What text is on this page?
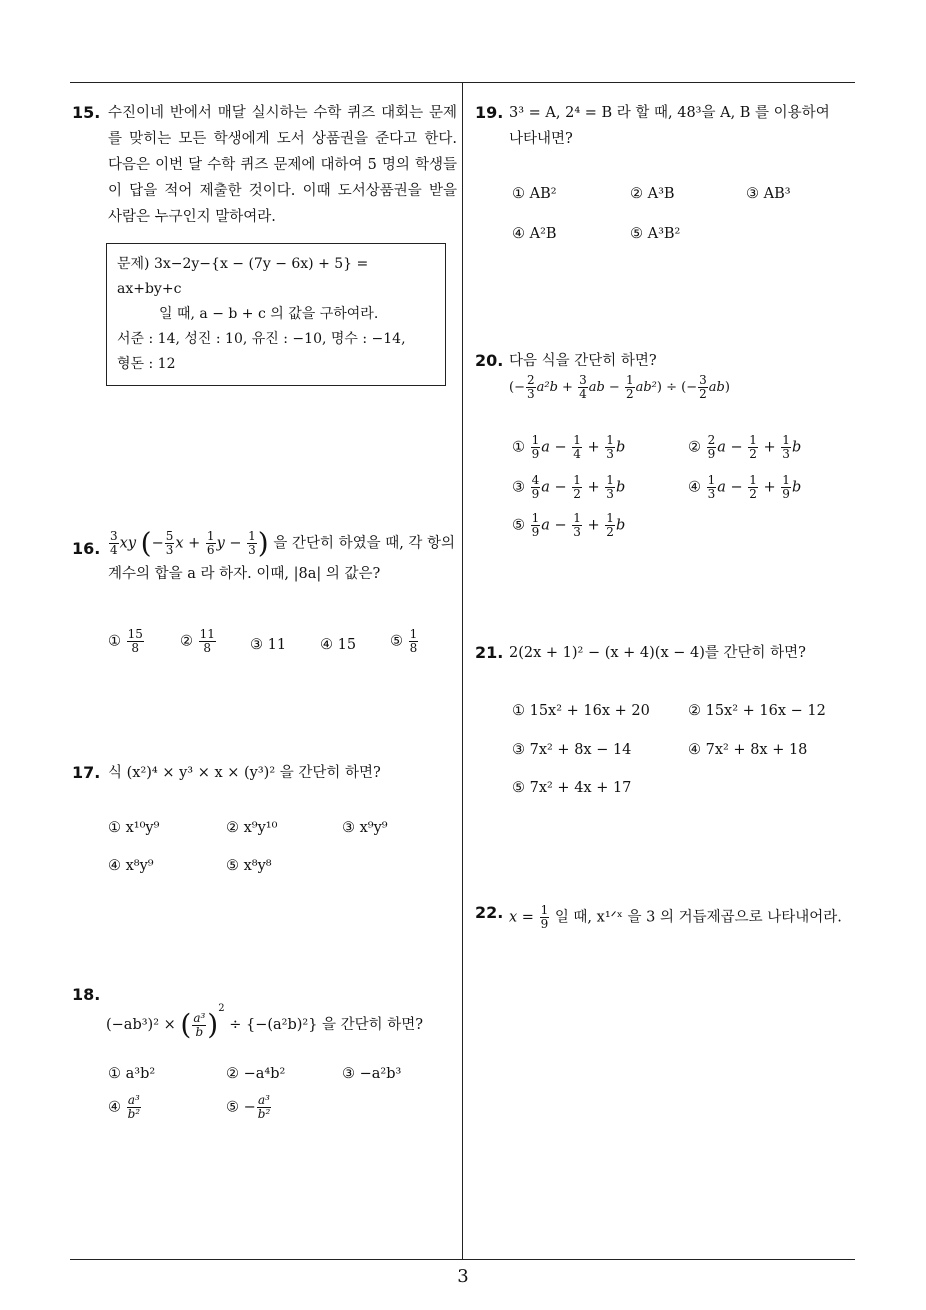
15. 수진이네 반에서 매달 실시하는 수학 퀴즈 대회는 문제를 맞히는 모든 학생에게 도서 상품권을 준다고 한다. 다음은 이번 달 수학 퀴즈 문제에 대하여 5 명의 학생들이 답을 적어 제출한 것이다. 이때 도서상품권을 받을 사람은 누구인지 말하여라.
문제) 3x−2y−{x − (7y − 6x) + 5} = ax+by+c
일 때, a − b + c 의 값을 구하여라.
서준 : 14, 성진 : 10, 유진 : −10, 명수 : −14,
형돈 : 12
16. $\frac{3}{4}$ xy (− $\frac{5}{3}$ $x + \frac{1}{6}$ $y - \frac{1}{3}$ ) 을 간단히 하였을 때, 각 항의
계수의 합을 a 라 하자. 이때, |8a| 의 값은?
① $\frac{15}{8}$ ② $\frac{11}{8}$ ③ 11 ④ 15 ⑤ $\frac{1}{8}$
17. 식 (x²)⁴ × y³ × x × (y³)² 을 간단히 하면?
① x¹⁰y⁹	② x⁹y¹⁰	③ x⁹y⁹
④ x⁸y⁹	⑤ x⁸y⁸
18.
(−ab³)² × ( $\frac{\text{a³}}{b} )^2 \div \{-(a^2b)^2\}$ 을 간단히 하면?
① a³b²	② −a⁴b²	③ −a²b³
④ $\frac{\text{a³}}{\text{b²}}$	⑤ − $\frac{\text{a³}}{\text{b²}}$
19. 3³ = A, 2⁴ = B 라 할 때, 48³을 A, B 를 이용하여
나타내면?
① AB²	② A³B	③ AB³
④ A²B	⑤ A³B²
20. 다음 식을 간단히 하면?
(− $\frac{2}{3} a^2b + \frac{3}{4}$ ab − $\frac{1}{2} ab^2$) ÷ (− $\frac{3}{2} ab$)
① $\frac{1}{9}$ $a - \frac{1}{4} + \frac{1}{3}$ b	② $\frac{2}{9}$ $a - \frac{1}{2} + \frac{1}{3}$ b
③ $\frac{4}{9}$ $a - \frac{1}{2} + \frac{1}{3}$ b	④ $\frac{1}{3}$ $a - \frac{1}{2} + \frac{1}{9}$ b
⑤ $\frac{1}{9}$ $a - \frac{1}{3} + \frac{1}{2}$ b
21. 2(2x + 1)² − (x + 4)(x − 4)를 간단히 하면?
① 15x² + 16x + 20	② 15x² + 16x − 12
③ 7x² + 8x − 14	④ 7x² + 8x + 18
⑤ 7x² + 4x + 17
22. $x = \frac{1}{9}$ 일 때, x¹ᐟˣ 을 3 의 거듭제곱으로 나타내어라.
3
